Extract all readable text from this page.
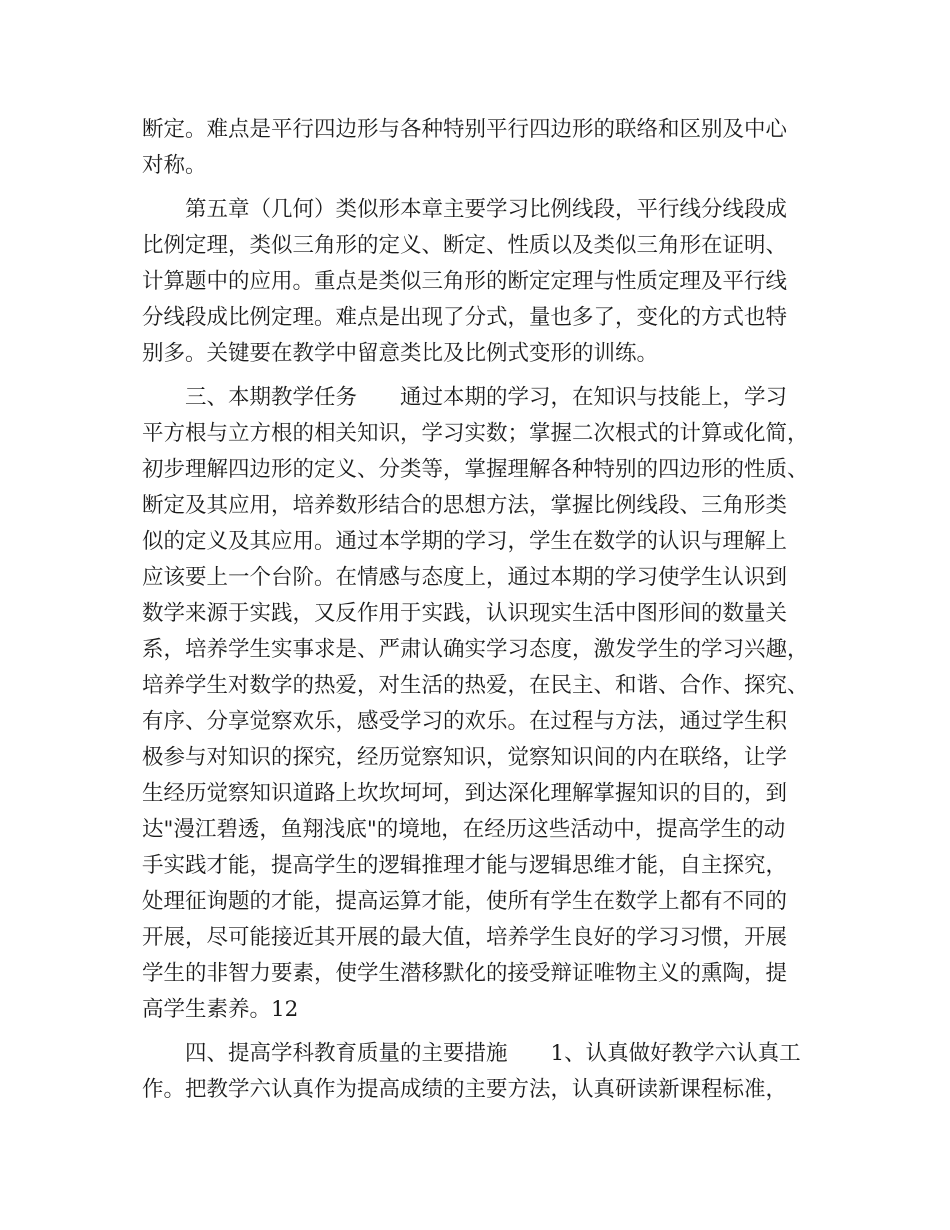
断定。难点是平行四边形与各种特别平行四边形的联络和区别及中心
对称。
　　第五章（几何）类似形本章主要学习比例线段，平行线分线段成
比例定理，类似三角形的定义、断定、性质以及类似三角形在证明、
计算题中的应用。重点是类似三角形的断定定理与性质定理及平行线
分线段成比例定理。难点是出现了分式，量也多了，变化的方式也特
别多。关键要在教学中留意类比及比例式变形的训练。
　　三、本期教学任务　　通过本期的学习，在知识与技能上，学习
平方根与立方根的相关知识，学习实数；掌握二次根式的计算或化简，
初步理解四边形的定义、分类等，掌握理解各种特别的四边形的性质、
断定及其应用，培养数形结合的思想方法，掌握比例线段、三角形类
似的定义及其应用。通过本学期的学习，学生在数学的认识与理解上
应该要上一个台阶。在情感与态度上，通过本期的学习使学生认识到
数学来源于实践，又反作用于实践，认识现实生活中图形间的数量关
系，培养学生实事求是、严肃认确实学习态度，激发学生的学习兴趣，
培养学生对数学的热爱，对生活的热爱，在民主、和谐、合作、探究、
有序、分享觉察欢乐，感受学习的欢乐。在过程与方法，通过学生积
极参与对知识的探究，经历觉察知识，觉察知识间的内在联络，让学
生经历觉察知识道路上坎坎坷坷，到达深化理解掌握知识的目的，到
达"漫江碧透，鱼翔浅底"的境地，在经历这些活动中，提高学生的动
手实践才能，提高学生的逻辑推理才能与逻辑思维才能，自主探究，
处理征询题的才能，提高运算才能，使所有学生在数学上都有不同的
开展，尽可能接近其开展的最大值，培养学生良好的学习习惯，开展
学生的非智力要素，使学生潜移默化的接受辩证唯物主义的熏陶，提
高学生素养。12
　　四、提高学科教育质量的主要措施　　1、认真做好教学六认真工
作。把教学六认真作为提高成绩的主要方法，认真研读新课程标准，
